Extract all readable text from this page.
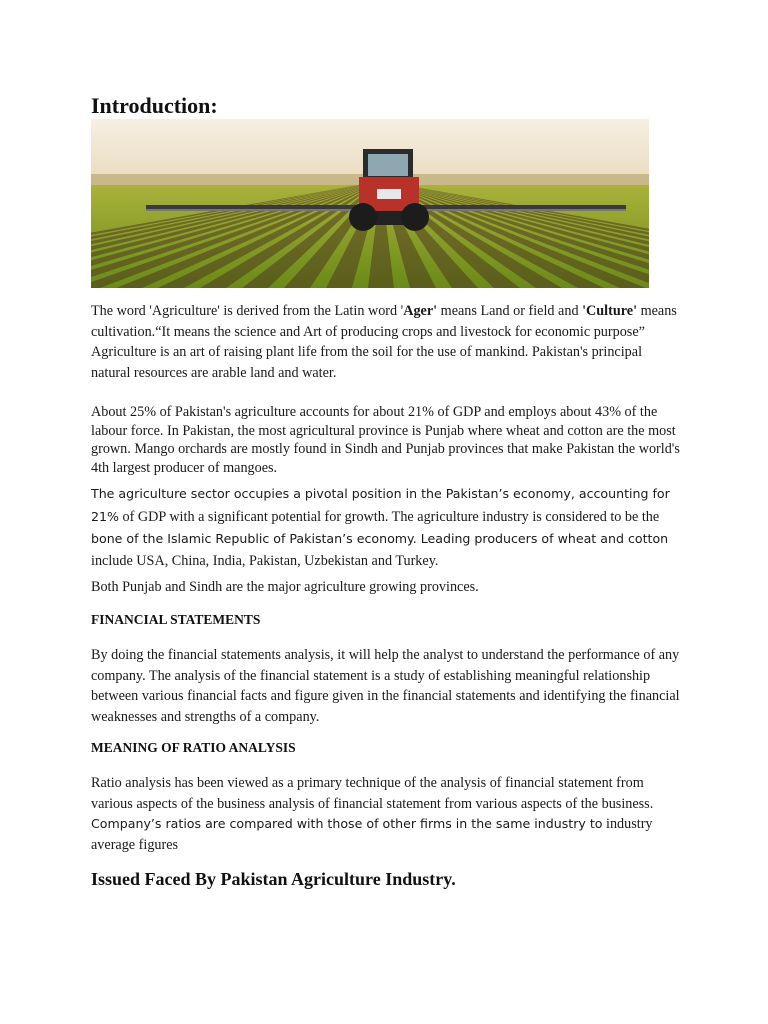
Introduction:

The word 'Agriculture' is derived from the Latin word 'Ager' means Land or field and 'Culture' means cultivation.“It means the science and Art of producing crops and livestock for economic purpose” Agriculture is an art of raising plant life from the soil for the use of mankind. Pakistan's principal natural resources are arable land and water.

About 25% of Pakistan's agriculture accounts for about 21% of GDP and employs about 43% of the labour force. In Pakistan, the most agricultural province is Punjab where wheat and cotton are the most grown. Mango orchards are mostly found in Sindh and Punjab provinces that make Pakistan the world's 4th largest producer of mangoes.

The agriculture sector occupies a pivotal position in the Pakistan’s economy, accounting for 21% of GDP with a significant potential for growth. The agriculture industry is considered to be the bone of the Islamic Republic of Pakistan’s economy. Leading producers of wheat and cotton include USA, China, India, Pakistan, Uzbekistan and Turkey.

Both Punjab and Sindh are the major agriculture growing provinces.

FINANCIAL STATEMENTS

By doing the financial statements analysis, it will help the analyst to understand the performance of any company. The analysis of the financial statement is a study of establishing meaningful relationship between various financial facts and figure given in the financial statements and identifying the financial weaknesses and strengths of a company.

MEANING OF RATIO ANALYSIS

Ratio analysis has been viewed as a primary technique of the analysis of financial statement from various aspects of the business analysis of financial statement from various aspects of the business. Company’s ratios are compared with those of other firms in the same industry to industry average figures

Issued Faced By Pakistan Agriculture Industry.
